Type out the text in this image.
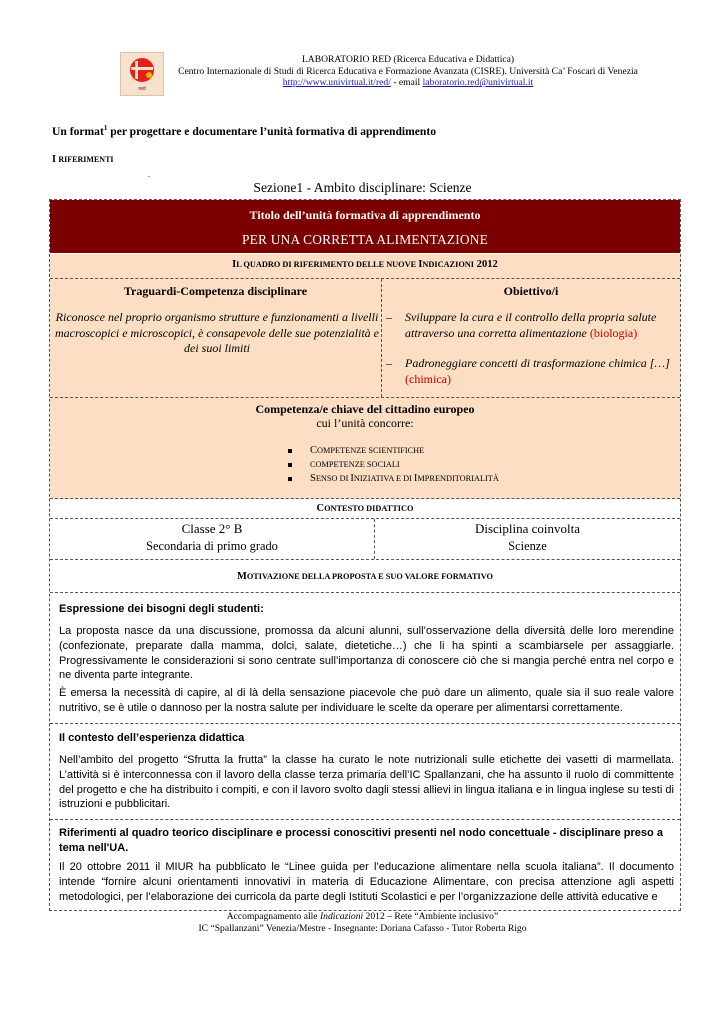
red
LABORATORIO RED (Ricerca Educativa e Didattica)
Centro Internazionale di Studi di Ricerca Educativa e Formazione Avanzata (CISRE). Università Ca’ Foscari di Venezia
http://www.univirtual.it/red/ - email laboratorio.red@univirtual.it
Un format$^1$ per progettare e documentare l’unità formativa di apprendimento
I RIFERIMENTI
.
Sezione1 - Ambito disciplinare: Scienze
Titolo dell’unità formativa di apprendimento
PER UNA CORRETTA ALIMENTAZIONE
IL QUADRO DI RIFERIMENTO DELLE NUOVE INDICAZIONI 2012
Traguardi-Competenza disciplinare
Riconosce nel proprio organismo strutture e funzionamenti a livelli macroscopici e microscopici, è consapevole delle sue potenzialità e dei suoi limiti
Obiettivo/i
– Sviluppare la cura e il controllo della propria salute attraverso una corretta alimentazione (biologia)
– Padroneggiare concetti di trasformazione chimica […] (chimica)
Competenza/e chiave del cittadino europeo
cui l’unità concorre:
COMPETENZE SCIENTIFICHE
COMPETENZE SOCIALI
SENSO DI INIZIATIVA E DI IMPRENDITORIALITÀ
CONTESTO DIDATTICO
Classe 2° B
Secondaria di primo grado
Disciplina coinvolta
Scienze
MOTIVAZIONE DELLA PROPOSTA E SUO VALORE FORMATIVO
Espressione dei bisogni degli studenti:
La proposta nasce da una discussione, promossa da alcuni alunni, sull’osservazione della diversità delle loro merendine (confezionate, preparate dalla mamma, dolci, salate, dietetiche…) che li ha spinti a scambiarsele per assaggiarle. Progressivamente le considerazioni si sono centrate sull’importanza di conoscere ciò che si mangia perché entra nel corpo e ne diventa parte integrante.
È emersa la necessità di capire, al di là della sensazione piacevole che può dare un alimento, quale sia il suo reale valore nutritivo, se è utile o dannoso per la nostra salute per individuare le scelte da operare per alimentarsi correttamente.
Il contesto dell’esperienza didattica
Nell’ambito del progetto “Sfrutta la frutta” la classe ha curato le note nutrizionali sulle etichette dei vasetti di marmellata. L’attività si è interconnessa con il lavoro della classe terza primaria dell’IC Spallanzani, che ha assunto il ruolo di committente del progetto e che ha distribuito i compiti, e con il lavoro svolto dagli stessi allievi in lingua italiana e in lingua inglese su testi di istruzioni e pubblicitari.
Riferimenti al quadro teorico disciplinare e processi conoscitivi presenti nel nodo concettuale - disciplinare preso a tema nell'UA.
Il 20 ottobre 2011 il MIUR ha pubblicato le “Linee guida per l’educazione alimentare nella scuola italiana”. Il documento intende “fornire alcuni orientamenti innovativi in materia di Educazione Alimentare, con precisa attenzione agli aspetti metodologici, per l’elaborazione dei curricola da parte degli Istituti Scolastici e per l’organizzazione delle attività educative e
Accompagnamento alle Indicazioni 2012 – Rete “Ambiente inclusivo”
IC “Spallanzani” Venezia/Mestre - Insegnante: Doriana Cafasso - Tutor Roberta Rigo
